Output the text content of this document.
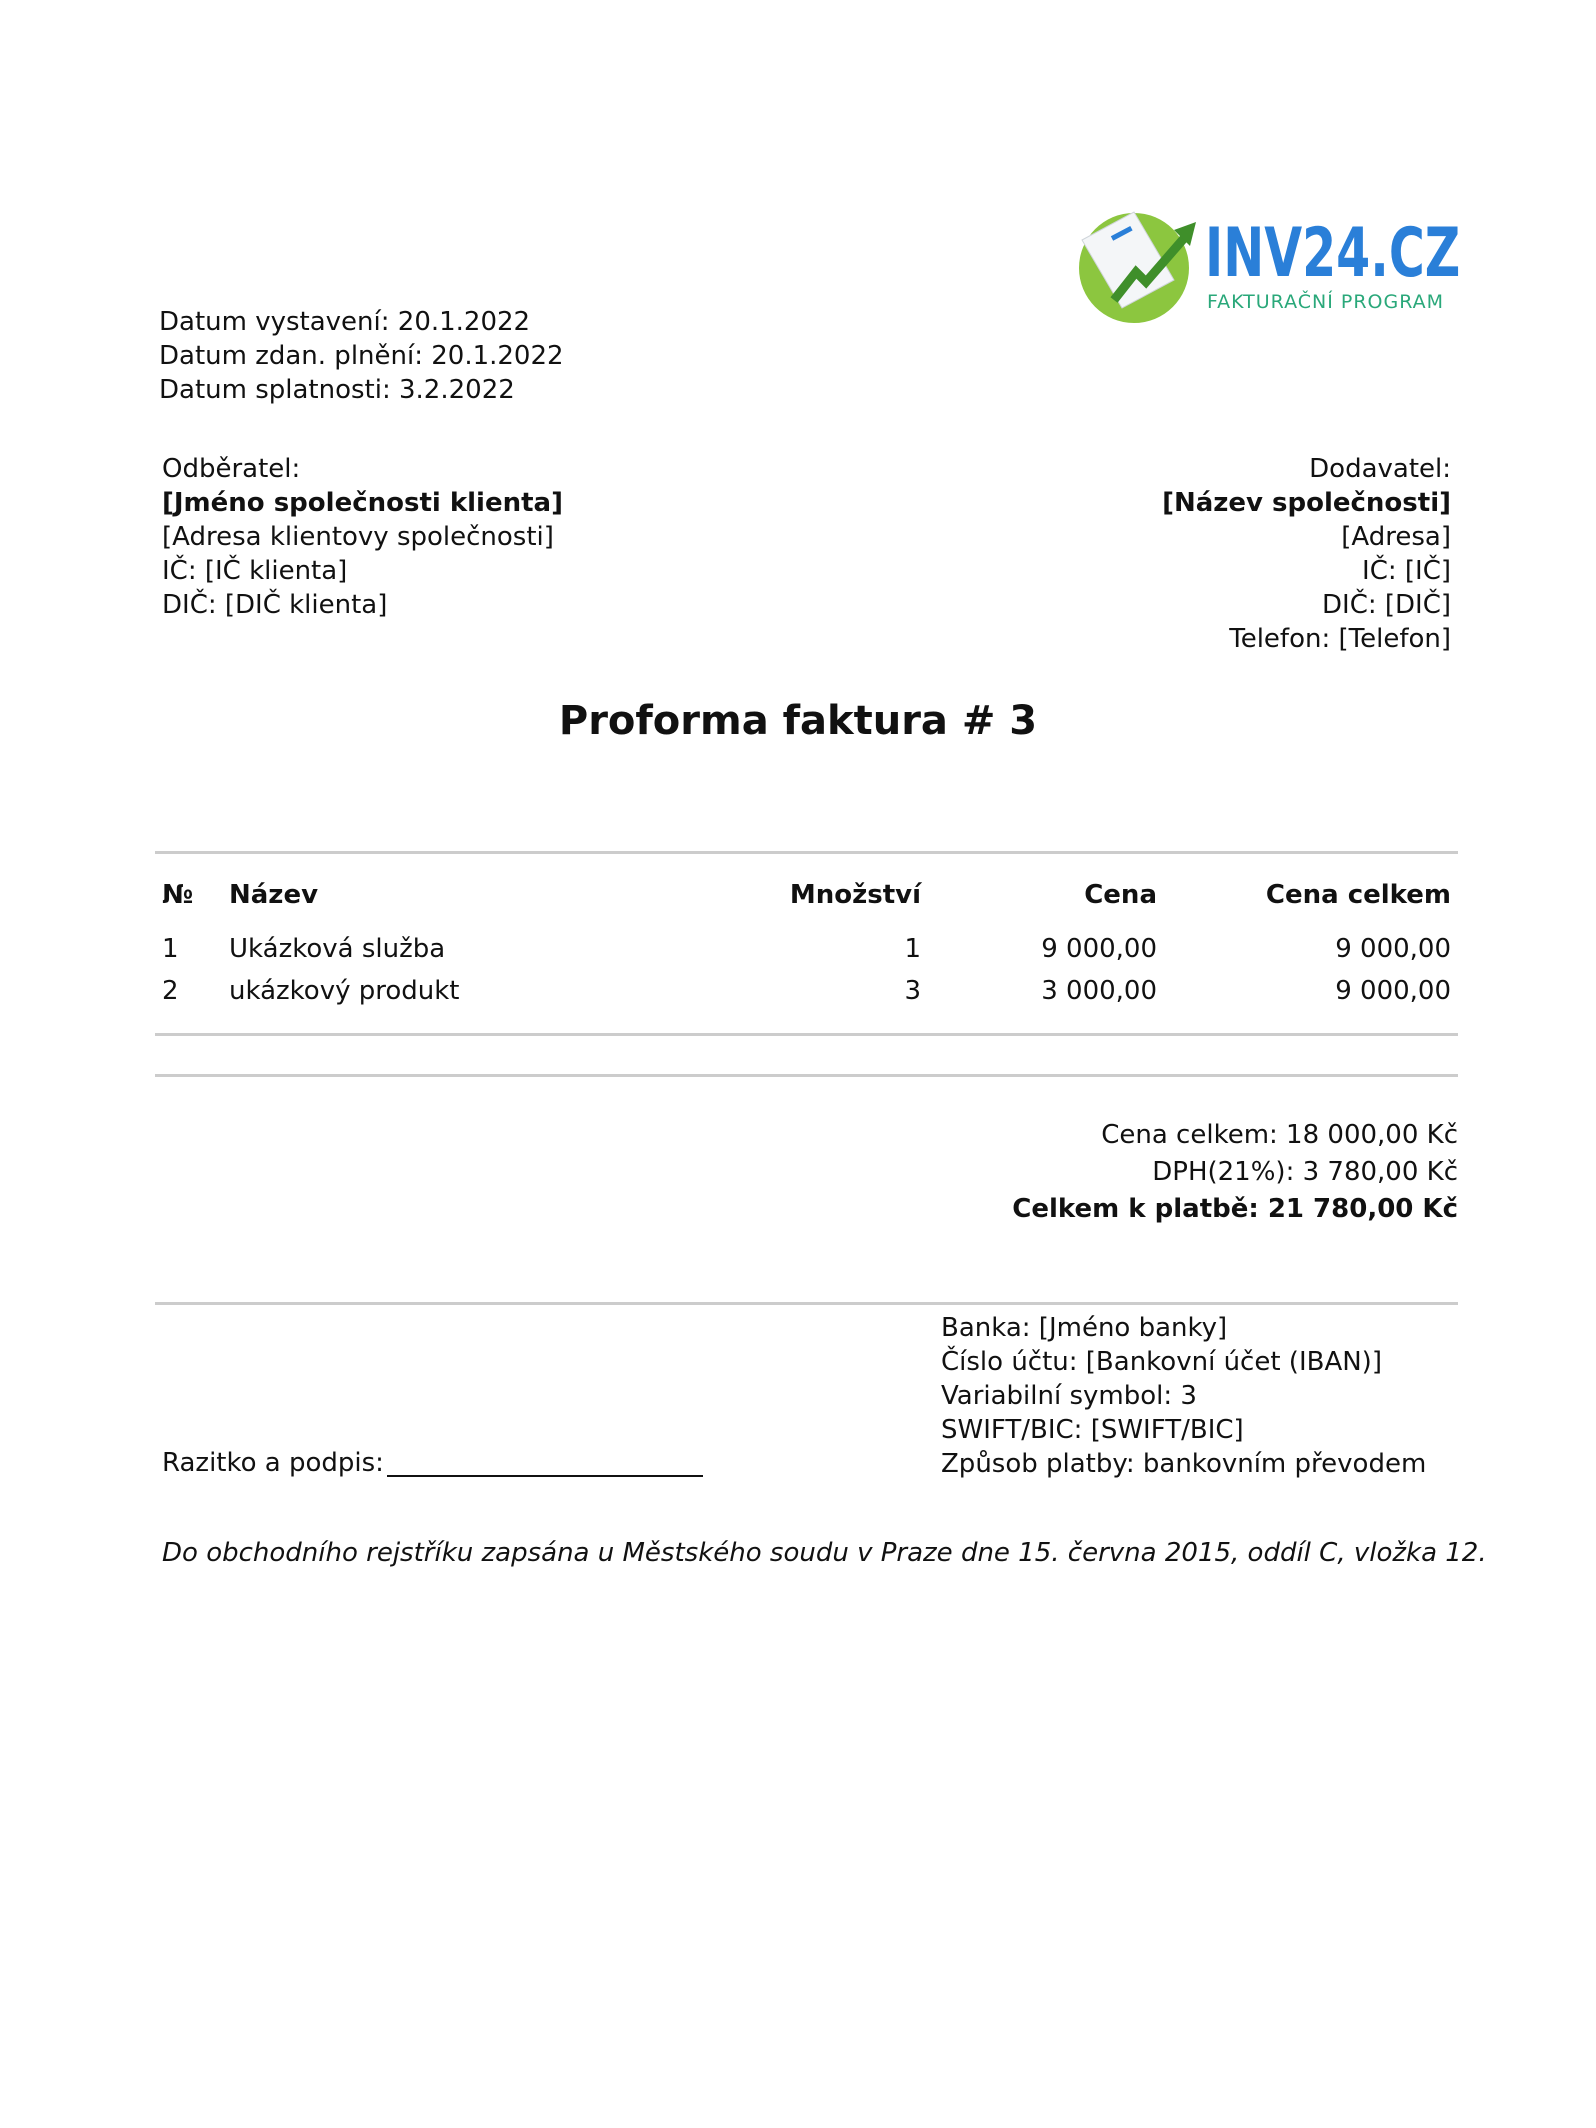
INV24.CZ
FAKTURAČNÍ PROGRAM
Datum vystavení: 20.1.2022
Datum zdan. plnění: 20.1.2022
Datum splatnosti: 3.2.2022
Odběratel:
[Jméno společnosti klienta]
[Adresa klientovy společnosti]
IČ: [IČ klienta]
DIČ: [DIČ klienta]
Dodavatel:
[Název společnosti]
[Adresa]
IČ: [IČ]
DIČ: [DIČ]
Telefon: [Telefon]
Proforma faktura # 3
№ Název	Množství	Cena	Cena celkem
1 Ukázková služba	1	9 000,00	9 000,00
2 ukázkový produkt	3	3 000,00	9 000,00
Cena celkem: 18 000,00 Kč
DPH(21%): 3 780,00 Kč
Celkem k platbě: 21 780,00 Kč
Banka: [Jméno banky]
Číslo účtu: [Bankovní účet (IBAN)]
Variabilní symbol: 3
SWIFT/BIC: [SWIFT/BIC]
Způsob platby: bankovním převodem
Razitko a podpis:
Do obchodního rejstříku zapsána u Městského soudu v Praze dne 15. června 2015, oddíl C, vložka 12.
